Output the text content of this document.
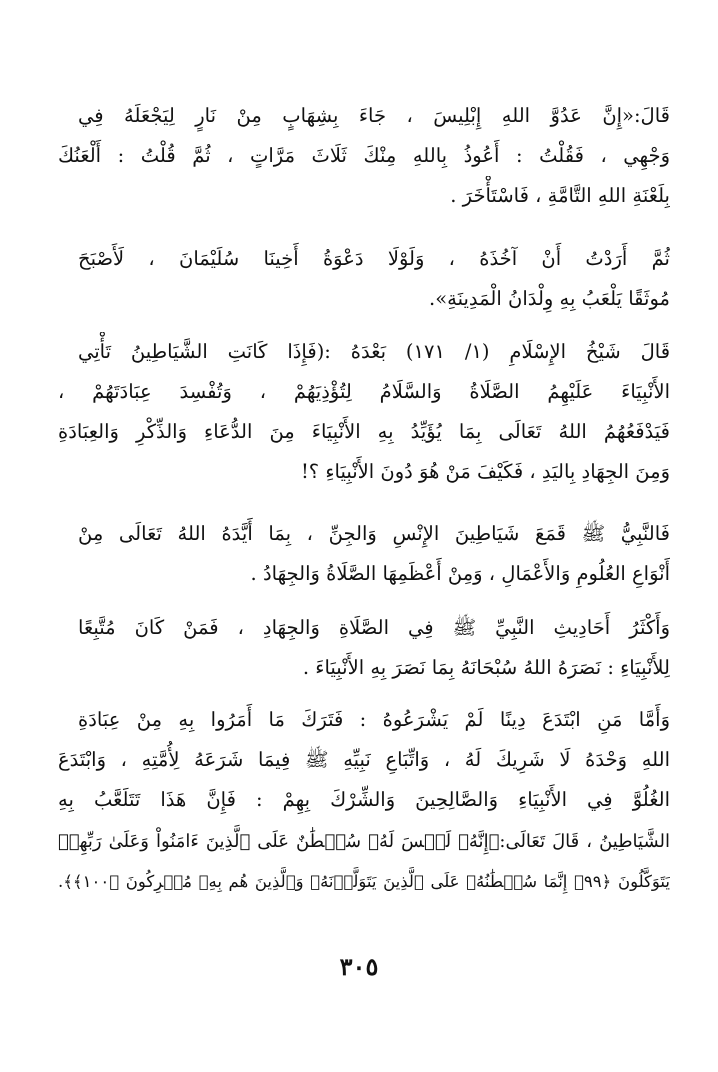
قَالَ:«إِنَّ عَدُوَّ اللهِ إِبْلِيسَ ، جَاءَ بِشِهَابٍ مِنْ نَارٍ لِيَجْعَلَهُ فِي
وَجْهِي ، فَقُلْتُ : أَعُوذُ بِاللهِ مِنْكَ ثَلَاثَ مَرَّاتٍ ، ثُمَّ قُلْتُ : أَلْعَنُكَ
بِلَعْنَةِ اللهِ التَّامَّةِ ، فَاسْتَأْخَرَ .
ثُمَّ أَرَدْتُ أَنْ آخُذَهُ ، وَلَوْلَا دَعْوَةُ أَخِينَا سُلَيْمَانَ ، لَأَصْبَحَ
مُوثَقًا يَلْعَبُ بِهِ وِلْدَانُ الْمَدِينَةِ».
قَالَ شَيْخُ الإِسْلَامِ (١/ ١٧١) بَعْدَهُ :(فَإِذَا كَانَتِ الشَّيَاطِينُ تَأْتِي
الأَنْبِيَاءَ عَلَيْهِمُ الصَّلَاةُ وَالسَّلَامُ لِتُؤْذِيَهُمْ ، وَتُفْسِدَ عِبَادَتَهُمْ ،
فَيَدْفَعُهُمُ اللهُ تَعَالَى بِمَا يُؤَيِّدُ بِهِ الأَنْبِيَاءَ مِنَ الدُّعَاءِ وَالذِّكْرِ وَالعِبَادَةِ
وَمِنَ الجِهَادِ بِاليَدِ ، فَكَيْفَ مَنْ هُوَ دُونَ الأَنْبِيَاءِ ؟!
فَالنَّبِيُّ ﷺ قَمَعَ شَيَاطِينَ الإِنْسِ وَالجِنِّ ، بِمَا أَيَّدَهُ اللهُ تَعَالَى مِنْ
أَنْوَاعِ العُلُومِ وَالأَعْمَالِ ، وَمِنْ أَعْظَمِهَا الصَّلَاةُ وَالجِهَادُ .
وَأَكْثَرُ أَحَادِيثِ النَّبِيِّ ﷺ فِي الصَّلَاةِ وَالجِهَادِ ، فَمَنْ كَانَ مُتَّبِعًا
لِلأَنْبِيَاءِ : نَصَرَهُ اللهُ سُبْحَانَهُ بِمَا نَصَرَ بِهِ الأَنْبِيَاءَ .
وَأَمَّا مَنِ ابْتَدَعَ دِينًا لَمْ يَشْرَعُوهُ : فَتَرَكَ مَا أَمَرُوا بِهِ مِنْ عِبَادَةِ
اللهِ وَحْدَهُ لَا شَرِيكَ لَهُ ، وَاتِّبَاعِ نَبِيِّهِ ﷺ فِيمَا شَرَعَهُ لِأُمَّتِهِ ، وَابْتَدَعَ
الغُلُوَّ فِي الأَنْبِيَاءِ وَالصَّالِحِينَ وَالشِّرْكَ بِهِمْ : فَإِنَّ هَذَا تَتَلَعَّبُ بِهِ
الشَّيَاطِينُ ، قَالَ تَعَالَى:﴿إِنَّهُۥ لَيۡسَ لَهُۥ سُلۡطَٰنٌ عَلَى ٱلَّذِينَ ءَامَنُواْ وَعَلَىٰ رَبِّهِمۡ
يَتَوَكَّلُونَ ﴿٩٩﴾ إِنَّمَا سُلۡطَٰنُهُۥ عَلَى ٱلَّذِينَ يَتَوَلَّوۡنَهُۥ وَٱلَّذِينَ هُم بِهِۦ مُشۡرِكُونَ ﴿١٠٠﴾﴾.
٣٠٥
